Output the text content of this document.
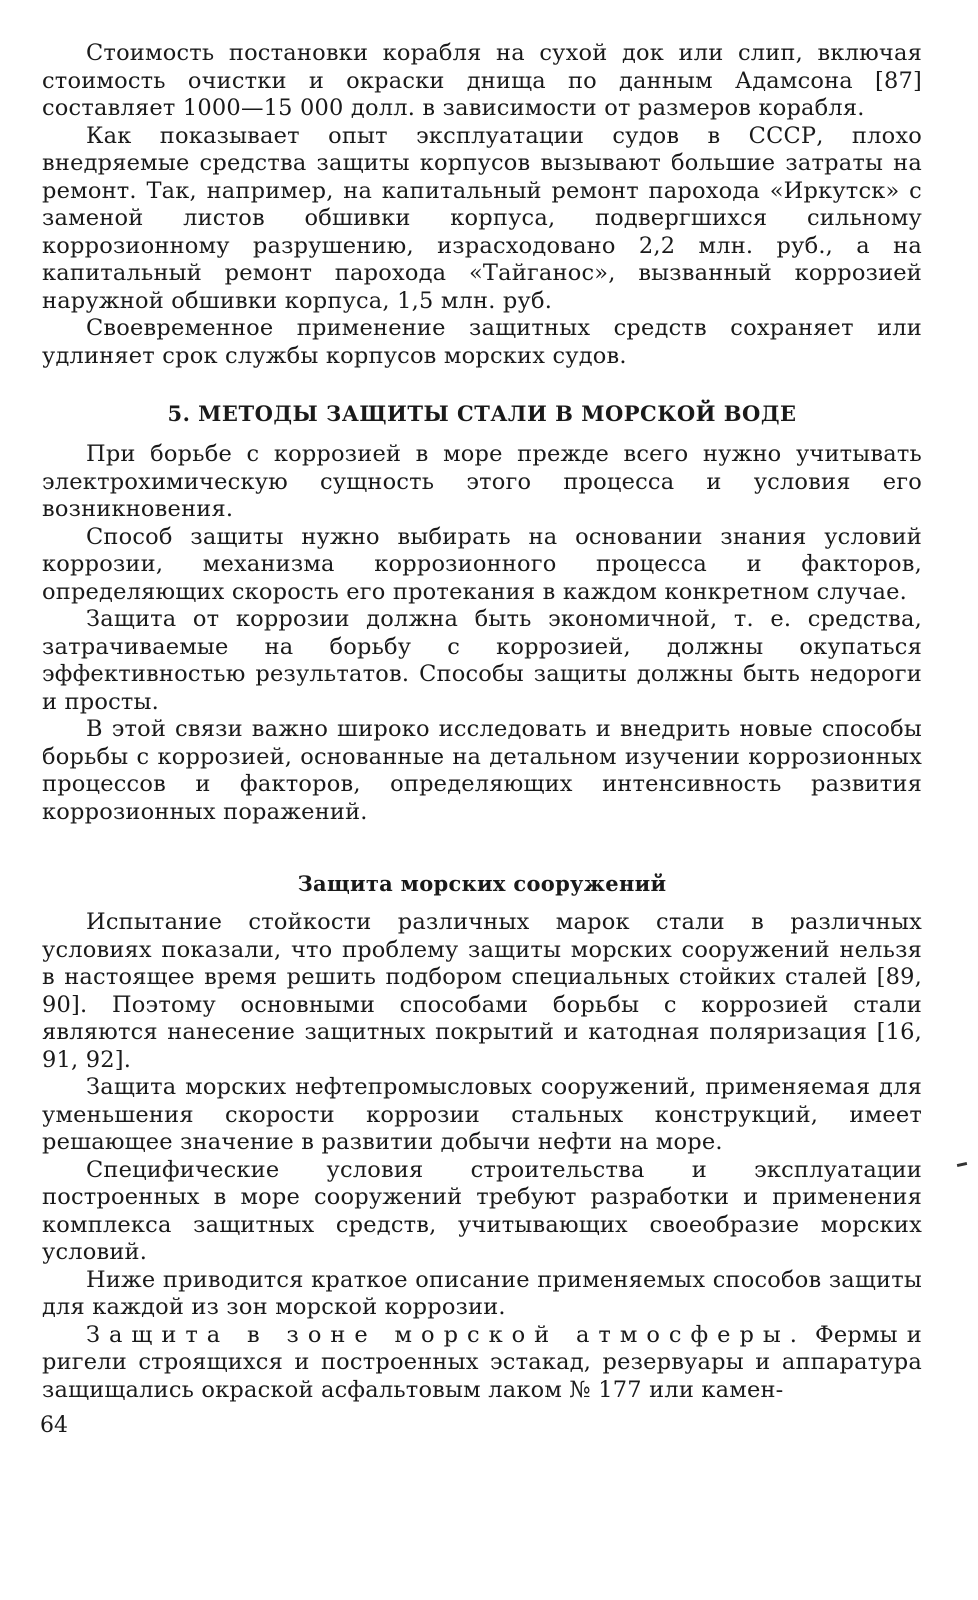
Стоимость постановки корабля на сухой док или слип, включая стоимость очистки и окраски днища по данным Адамсона [87] составляет 1000—15 000 долл. в зависимости от размеров корабля.

Как показывает опыт эксплуатации судов в СССР, плохо внедряемые средства защиты корпусов вызывают большие затраты на ремонт. Так, например, на капитальный ремонт парохода «Иркутск» с заменой листов обшивки корпуса, подвергшихся сильному коррозионному разрушению, израсходовано 2,2 млн. руб., а на капитальный ремонт парохода «Тайганос», вызванный коррозией наружной обшивки корпуса, 1,5 млн. руб.

Своевременное применение защитных средств сохраняет или удлиняет срок службы корпусов морских судов.

5. МЕТОДЫ ЗАЩИТЫ СТАЛИ В МОРСКОЙ ВОДЕ

При борьбе с коррозией в море прежде всего нужно учитывать электрохимическую сущность этого процесса и условия его возникновения.

Способ защиты нужно выбирать на основании знания условий коррозии, механизма коррозионного процесса и факторов, определяющих скорость его протекания в каждом конкретном случае.

Защита от коррозии должна быть экономичной, т. е. средства, затрачиваемые на борьбу с коррозией, должны окупаться эффективностью результатов. Способы защиты должны быть недороги и просты.

В этой связи важно широко исследовать и внедрить новые способы борьбы с коррозией, основанные на детальном изучении коррозионных процессов и факторов, определяющих интенсивность развития коррозионных поражений.

Защита морских сооружений

Испытание стойкости различных марок стали в различных условиях показали, что проблему защиты морских сооружений нельзя в настоящее время решить подбором специальных стойких сталей [89, 90]. Поэтому основными способами борьбы с коррозией стали являются нанесение защитных покрытий и катодная поляризация [16, 91, 92].

Защита морских нефтепромысловых сооружений, применяемая для уменьшения скорости коррозии стальных конструкций, имеет решающее значение в развитии добычи нефти на море.

Специфические условия строительства и эксплуатации построенных в море сооружений требуют разработки и применения комплекса защитных средств, учитывающих своеобразие морских условий.

Ниже приводится краткое описание применяемых способов защиты для каждой из зон морской коррозии.

Защита в зоне морской атмосферы. Фермы и ригели строящихся и построенных эстакад, резервуары и аппаратура защищались окраской асфальтовым лаком № 177 или камен-

64
